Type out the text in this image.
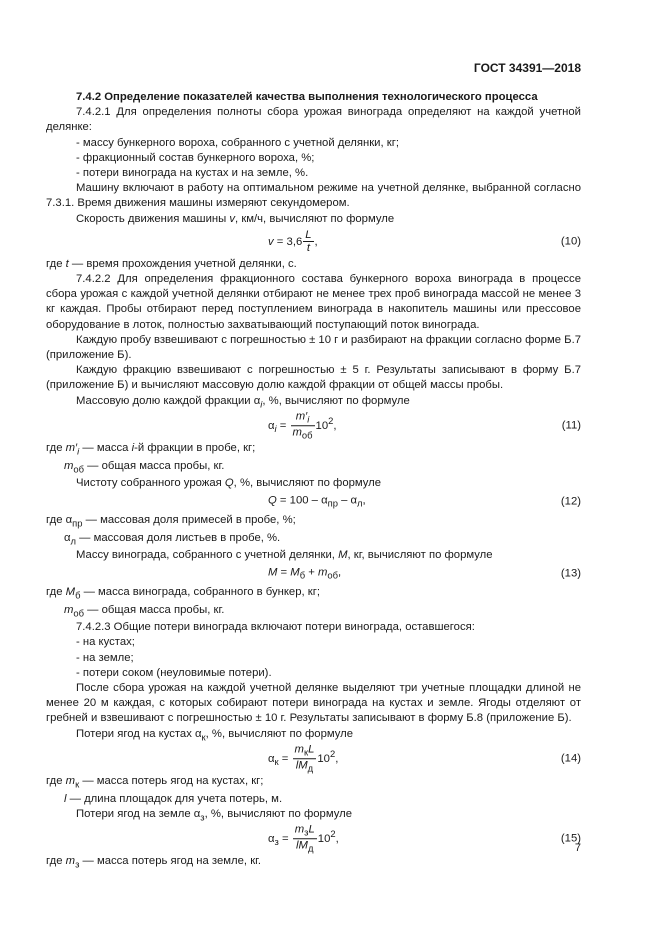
ГОСТ 34391—2018

7.4.2 Определение показателей качества выполнения технологического процесса

7.4.2.1 Для определения полноты сбора урожая винограда определяют на каждой учетной делянке:

- массу бункерного вороха, собранного с учетной делянки, кг;
- фракционный состав бункерного вороха, %;
- потери винограда на кустах и на земле, %.

Машину включают в работу на оптимальном режиме на учетной делянке, выбранной согласно 7.3.1. Время движения машины измеряют секундомером.

Скорость движения машины v, км/ч, вычисляют по формуле

$v = 3,6 \frac{L}{t}$ ,	(10)

где t — время прохождения учетной делянки, с.

7.4.2.2 Для определения фракционного состава бункерного вороха винограда в процессе сбора урожая с каждой учетной делянки отбирают не менее трех проб винограда массой не менее 3 кг каждая. Пробы отбирают перед поступлением винограда в накопитель машины или прессовое оборудование в лоток, полностью захватывающий поступающий поток винограда.

Каждую пробу взвешивают с погрешностью ± 10 г и разбирают на фракции согласно форме Б.7 (приложение Б).

Каждую фракцию взвешивают с погрешностью ± 5 г. Результаты записывают в форму Б.7 (приложение Б) и вычисляют массовую долю каждой фракции от общей массы пробы.

Массовую долю каждой фракции $\alpha_i$, %, вычисляют по формуле

$\alpha_i = \frac{m'_i}{m_{об}} 10^2$,	(11)

где $m'_i$ — масса i-й фракции в пробе, кг;

$m_{об}$ — общая масса пробы, кг.

Чистоту собранного урожая Q, %, вычисляют по формуле

$Q = 100 - \alpha_{пр} - \alpha_л$,	(12)

где $\alpha_{пр}$ — массовая доля примесей в пробе, %;

$\alpha_л$ — массовая доля листьев в пробе, %.

Массу винограда, собранного с учетной делянки, M, кг, вычисляют по формуле

$M = M_б + m_{об}$,	(13)

где $M_б$ — масса винограда, собранного в бункер, кг;

$m_{об}$ — общая масса пробы, кг.

7.4.2.3 Общие потери винограда включают потери винограда, оставшегося:

- на кустах;
- на земле;
- потери соком (неуловимые потери).

После сбора урожая на каждой учетной делянке выделяют три учетные площадки длиной не менее 20 м каждая, с которых собирают потери винограда на кустах и земле. Ягоды отделяют от гребней и взвешивают с погрешностью ± 10 г. Результаты записывают в форму Б.8 (приложение Б).

Потери ягод на кустах $\alpha_к$, %, вычисляют по формуле

$\alpha_к = \frac{m_кL}{lM_д} 10^2$,	(14)

где $m_к$ — масса потерь ягод на кустах, кг;

l — длина площадок для учета потерь, м.

Потери ягод на земле $\alpha_з$, %, вычисляют по формуле

$\alpha_з = \frac{m_зL}{lM_д} 10^2$,	(15)

где $m_з$ — масса потерь ягод на земле, кг.

7
